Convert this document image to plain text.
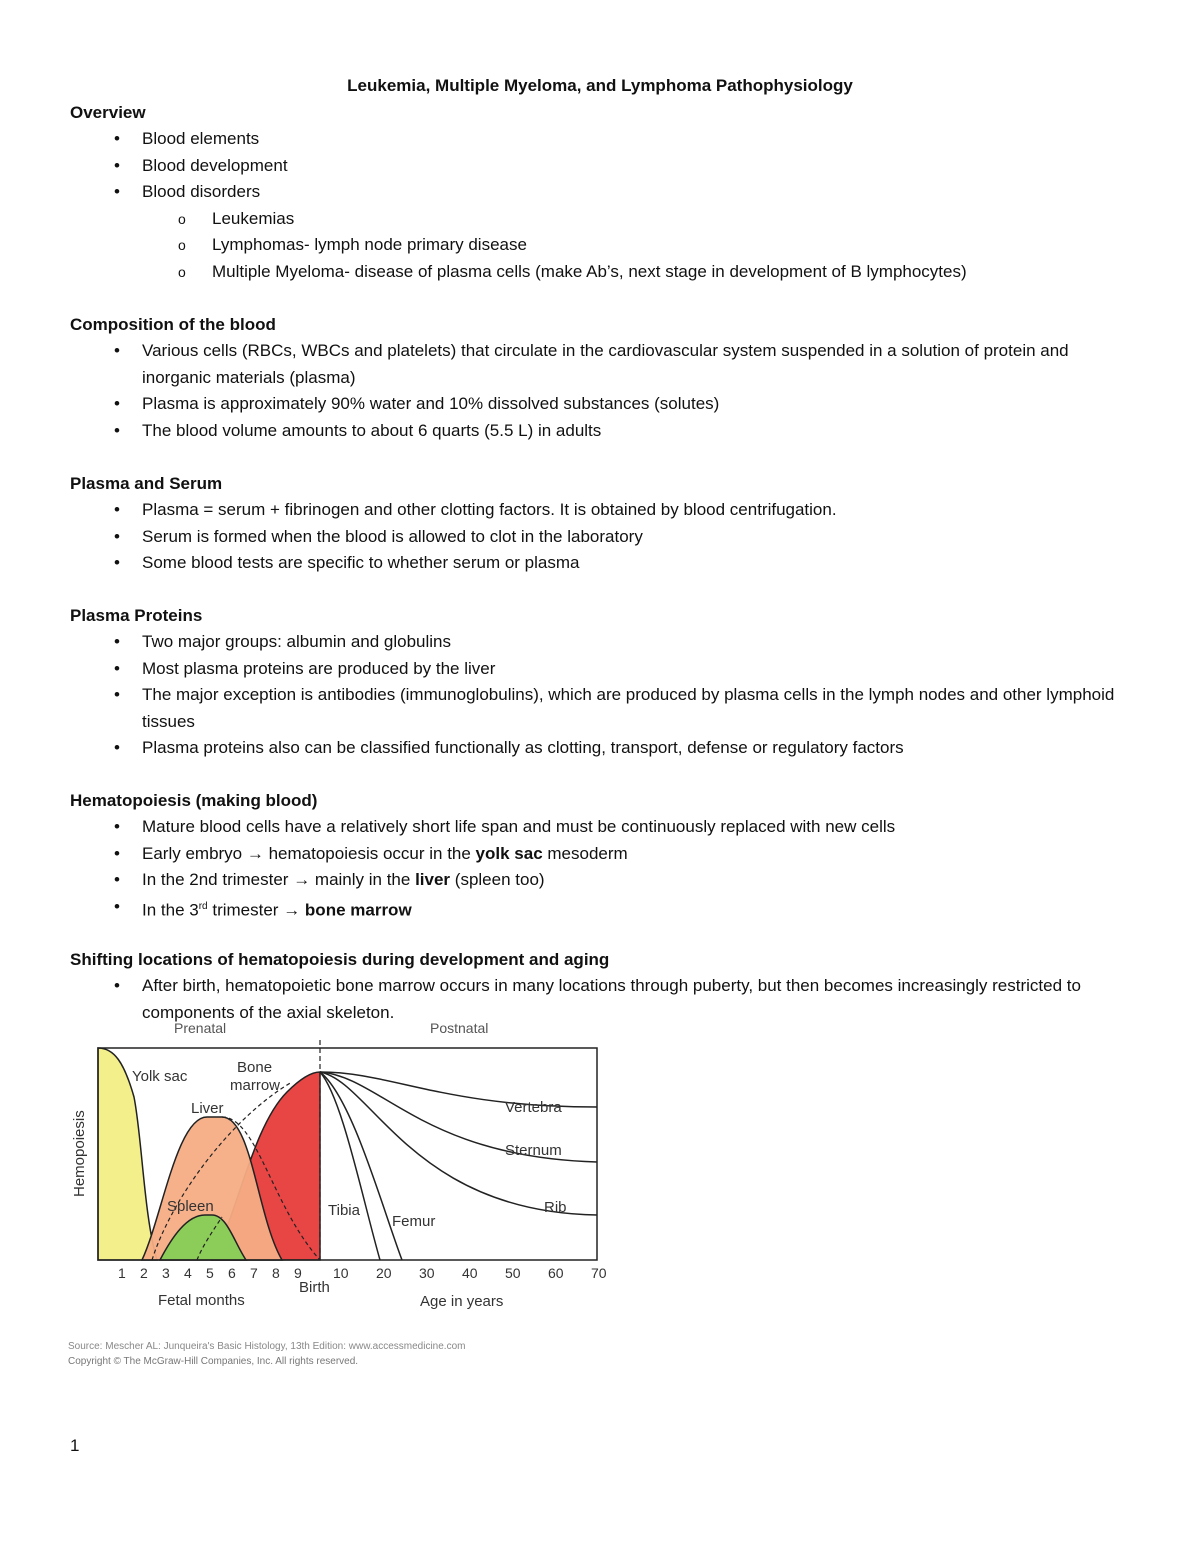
Leukemia, Multiple Myeloma, and Lymphoma Pathophysiology
Overview
• Blood elements
• Blood development
• Blood disorders
o Leukemias
o Lymphomas- lymph node primary disease
o Multiple Myeloma- disease of plasma cells (make Ab’s, next stage in development of B lymphocytes)
Composition of the blood
• Various cells (RBCs, WBCs and platelets) that circulate in the cardiovascular system suspended in a solution of protein and inorganic materials (plasma)
• Plasma is approximately 90% water and 10% dissolved substances (solutes)
• The blood volume amounts to about 6 quarts (5.5 L) in adults
Plasma and Serum
• Plasma = serum + fibrinogen and other clotting factors. It is obtained by blood centrifugation.
• Serum is formed when the blood is allowed to clot in the laboratory
• Some blood tests are specific to whether serum or plasma
Plasma Proteins
• Two major groups: albumin and globulins
• Most plasma proteins are produced by the liver
• The major exception is antibodies (immunoglobulins), which are produced by plasma cells in the lymph nodes and other lymphoid tissues
• Plasma proteins also can be classified functionally as clotting, transport, defense or regulatory factors
Hematopoiesis (making blood)
• Mature blood cells have a relatively short life span and must be continuously replaced with new cells
• Early embryo → hematopoiesis occur in the yolk sac mesoderm
• In the 2nd trimester → mainly in the liver (spleen too)
• In the 3rd trimester → bone marrow
Shifting locations of hematopoiesis during development and aging
• After birth, hematopoietic bone marrow occurs in many locations through puberty, but then becomes increasingly restricted to components of the axial skeleton.
Prenatal	Postnatal
Hemopoiesis
Yolk sac
Liver
Spleen
Bone
marrow
Vertebra
Sternum
Rib
Tibia
Femur
1 2 3 4 5 6 7 8 9 10 20 30 40 50 60 70
Fetal months
Birth
Age in years
Source: Mescher AL: Junqueira's Basic Histology, 13th Edition: www.accessmedicine.com
Copyright © The McGraw-Hill Companies, Inc. All rights reserved.
1
